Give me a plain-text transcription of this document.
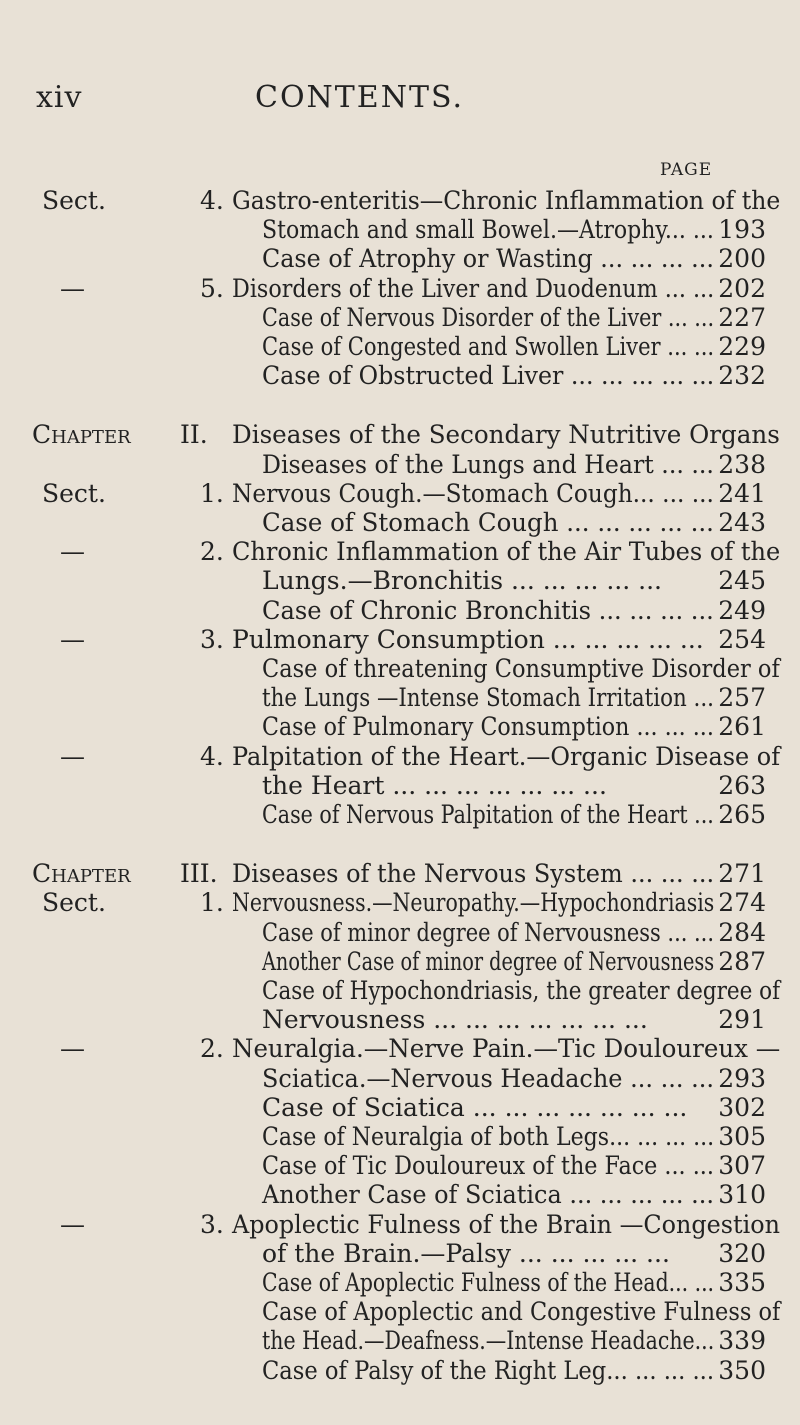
xiv	CONTENTS.
PAGE
Sect.	4. Gastro-enteritis—Chronic Inflammation of the
Stomach and small Bowel.—Atrophy... ... 193
Case of Atrophy or Wasting ... ... ... ... 200
—	5. Disorders of the Liver and Duodenum ... ... 202
Case of Nervous Disorder of the Liver ... ... 227
Case of Congested and Swollen Liver ... ... 229
Case of Obstructed Liver ... ... ... ... ... 232
Chapter II. Diseases of the Secondary Nutritive Organs
Diseases of the Lungs and Heart ... ... 238
Sect.	1. Nervous Cough.—Stomach Cough... ... ... 241
Case of Stomach Cough ... ... ... ... ... 243
—	2. Chronic Inflammation of the Air Tubes of the
Lungs.—Bronchitis ... ... ... ... ... 245
Case of Chronic Bronchitis ... ... ... ... 249
—	3. Pulmonary Consumption ... ... ... ... ... 254
Case of threatening Consumptive Disorder of
the Lungs —Intense Stomach Irritation ... 257
Case of Pulmonary Consumption ... ... ... 261
—	4. Palpitation of the Heart.—Organic Disease of
the Heart ... ... ... ... ... ... ...	263
Case of Nervous Palpitation of the Heart ... 265
Chapter III. Diseases of the Nervous System ... ... ... 271
Sect.	1. Nervousness.—Neuropathy.—Hypochondriasis 274
Case of minor degree of Nervousness ... ... 284
Another Case of minor degree of Nervousness 287
Case of Hypochondriasis, the greater degree of
Nervousness ... ... ... ... ... ... ...	291
—	2. Neuralgia.—Nerve Pain.—Tic Douloureux —
Sciatica.—Nervous Headache ... ... ... 293
Case of Sciatica ... ... ... ... ... ... ... 302
Case of Neuralgia of both Legs... ... ... ... 305
Case of Tic Douloureux of the Face ... ... 307
Another Case of Sciatica ... ... ... ... ... 310
—	3. Apoplectic Fulness of the Brain —Congestion
of the Brain.—Palsy ... ... ... ... ... 320
Case of Apoplectic Fulness of the Head... ... 335
Case of Apoplectic and Congestive Fulness of
the Head.—Deafness.—Intense Headache... 339
Case of Palsy of the Right Leg... ... ... ... 350
